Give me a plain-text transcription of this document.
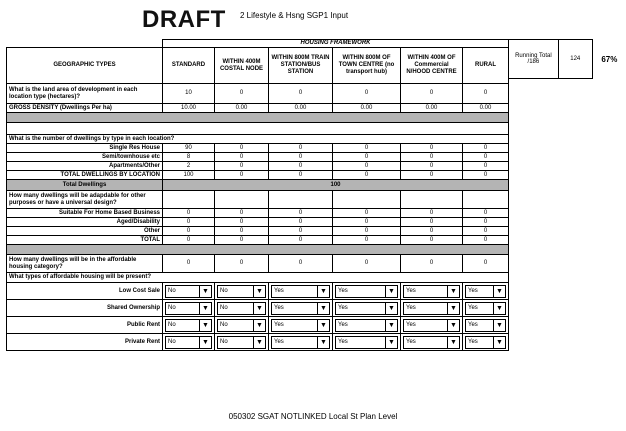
DRAFT 2 Lifestyle & Hsng SGP1 Input
Running Total /186	124	67%
	HOUSING FRAMEWORK					
GEOGRAPHIC TYPES	STANDARD	WITHIN 400M COSTAL NODE	WITHIN 800M TRAIN STATION/BUS STATION	WITHIN 800M OF TOWN CENTRE (no transport hub)	WITHIN 400M OF Commercial N/HOOD CENTRE	RURAL
What is the land area of development in each location type (hectares)?	10	0	0	0	0	0
GROSS DENSITY (Dwellings Per ha)	10.00	0.00	0.00	0.00	0.00	0.00

What is the number of dwellings by type in each location?						
Single Res House	90	0	0	0	0	0
Semi/townhouse etc	8	0	0	0	0	0
Apartments/Other	2	0	0	0	0	0
TOTAL DWELLINGS BY LOCATION	100	0	0	0	0	0
Total Dwellings	100					
How many dwellings will be adapdable for other purposes or have a universal design?						
Suitable For Home Based Business	0	0	0	0	0	0
Aged/Disability	0	0	0	0	0	0
Other	0	0	0	0	0	0
TOTAL	0	0	0	0	0	0

How many dwellings will be in the affordable housing category?	0	0	0	0	0	0
What types of affordable housing will be present?						
Low Cost Sale	No ▼	No ▼	Yes ▼	Yes ▼	Yes ▼	Yes ▼

Shared Ownership	No ▼	No ▼	Yes ▼	Yes ▼	Yes ▼	Yes ▼

Public Rent	No ▼	No ▼	Yes ▼	Yes ▼	Yes ▼	Yes ▼

Private Rent	No ▼	No ▼	Yes ▼	Yes ▼	Yes ▼	Yes ▼
050302 SGAT NOTLINKED Local St Plan Level
